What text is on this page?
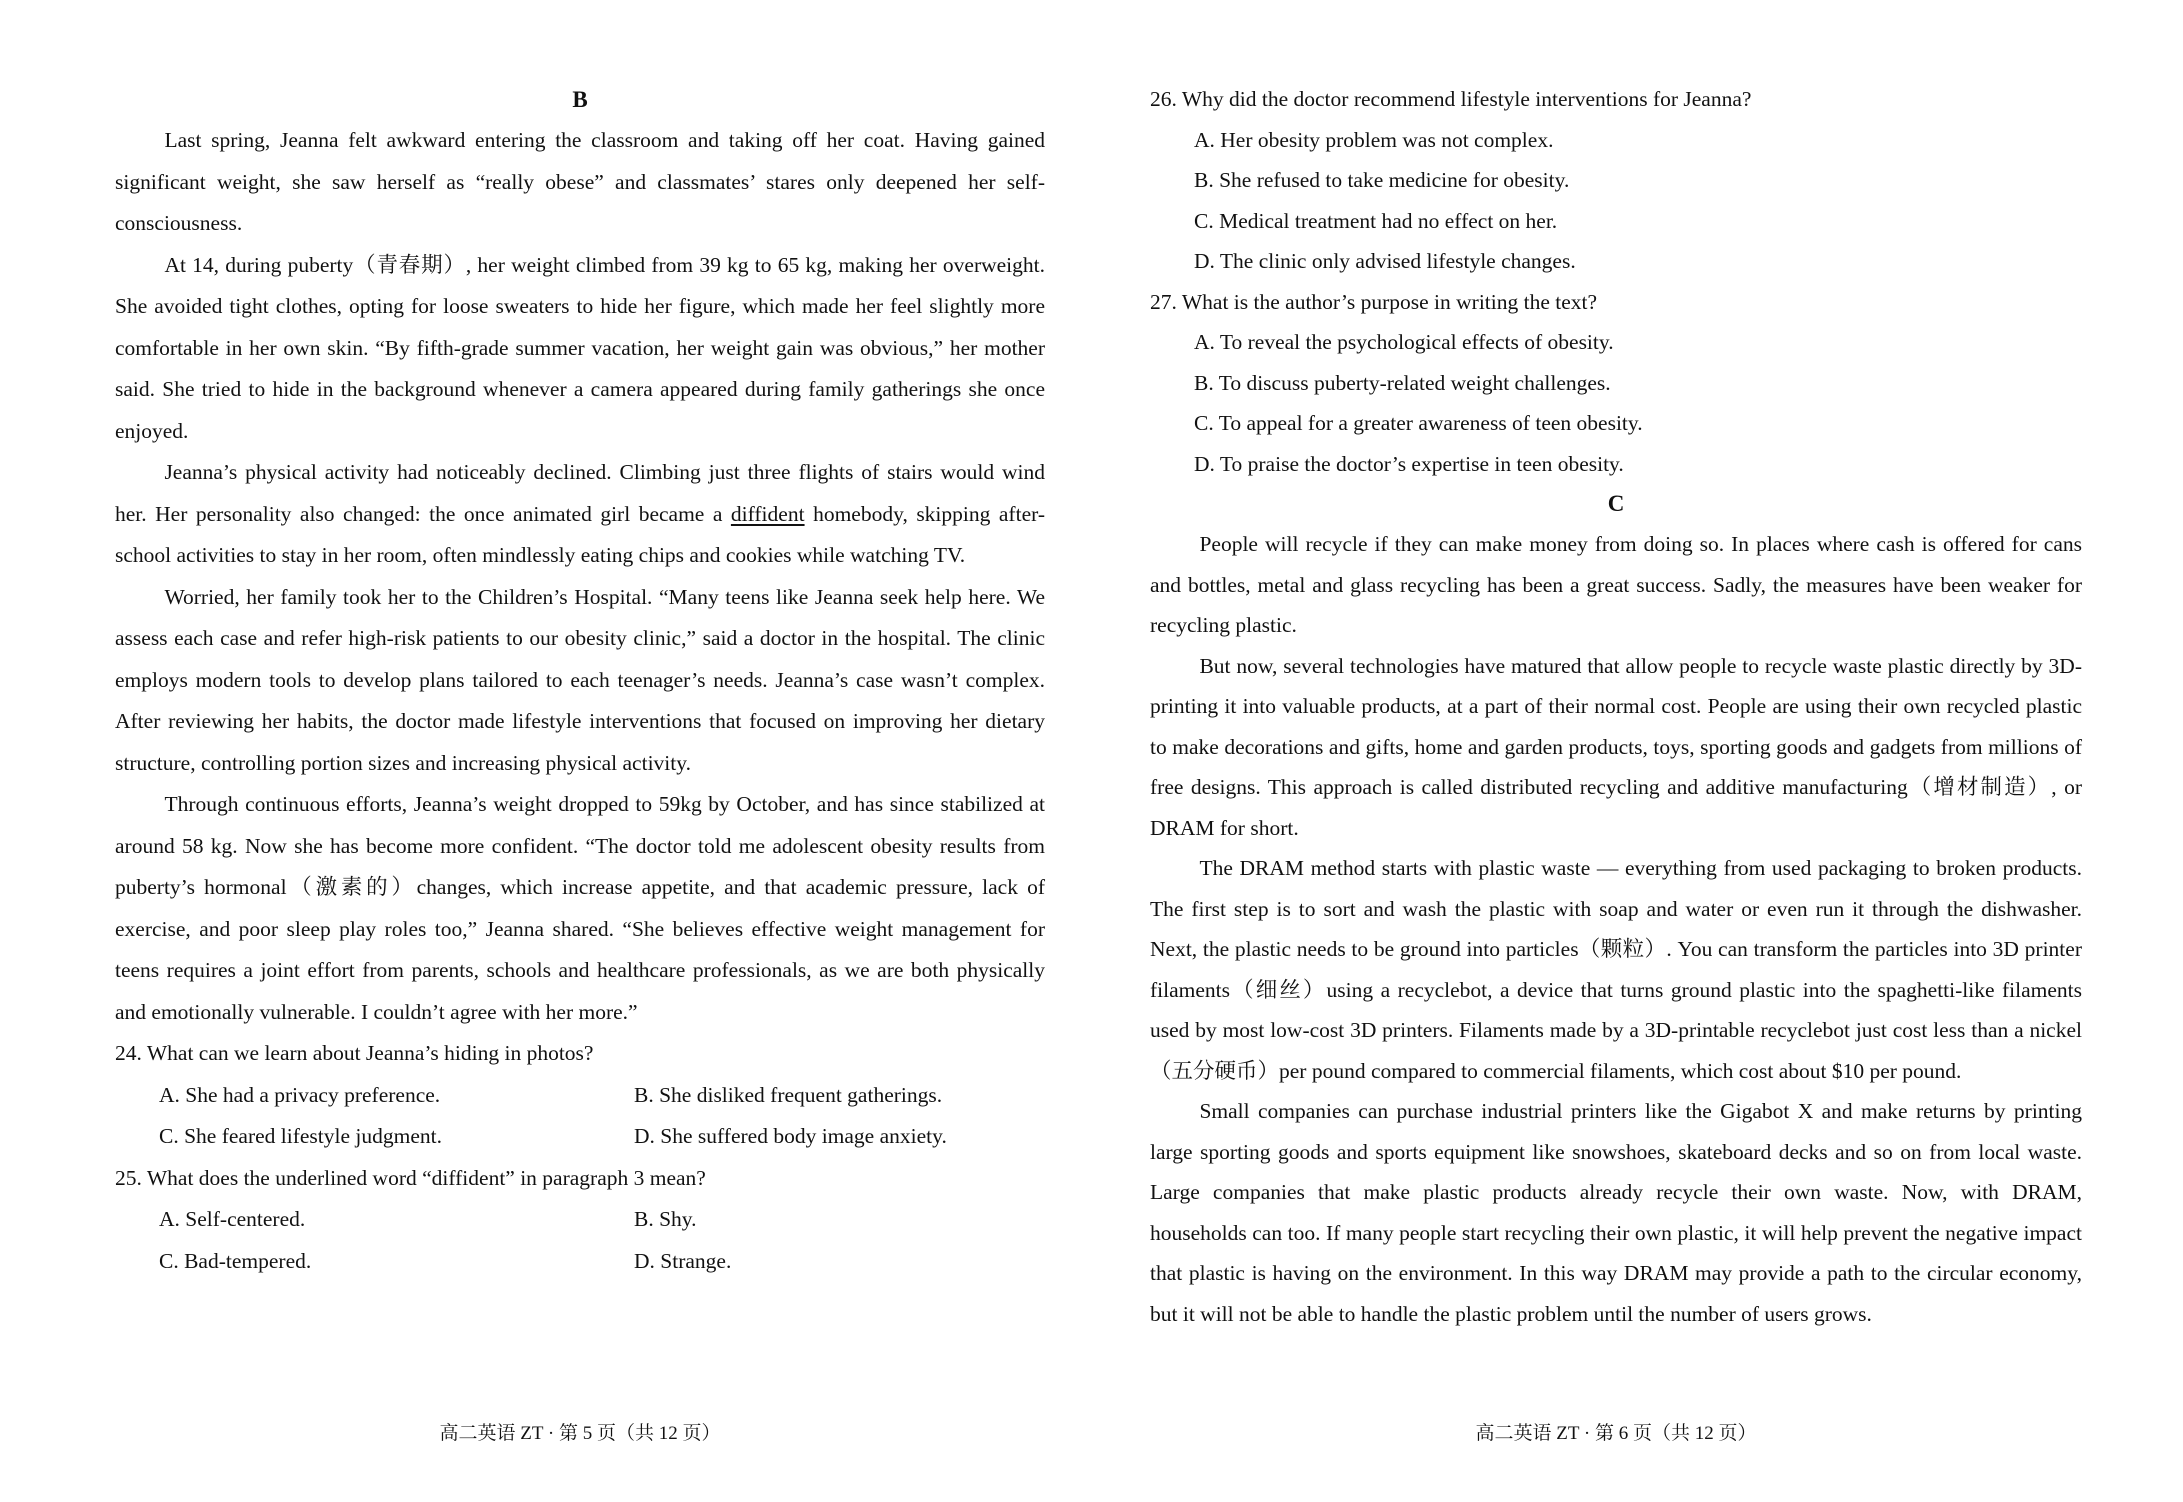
B

Last spring, Jeanna felt awkward entering the classroom and taking off her coat. Having gained significant weight, she saw herself as “really obese” and classmates’ stares only deepened her self-consciousness.

At 14, during puberty（青春期）, her weight climbed from 39 kg to 65 kg, making her overweight. She avoided tight clothes, opting for loose sweaters to hide her figure, which made her feel slightly more comfortable in her own skin. “By fifth-grade summer vacation, her weight gain was obvious,” her mother said. She tried to hide in the background whenever a camera appeared during family gatherings she once enjoyed.

Jeanna’s physical activity had noticeably declined. Climbing just three flights of stairs would wind her. Her personality also changed: the once animated girl became a diffident homebody, skipping after-school activities to stay in her room, often mindlessly eating chips and cookies while watching TV.

Worried, her family took her to the Children’s Hospital. “Many teens like Jeanna seek help here. We assess each case and refer high-risk patients to our obesity clinic,” said a doctor in the hospital. The clinic employs modern tools to develop plans tailored to each teenager’s needs. Jeanna’s case wasn’t complex. After reviewing her habits, the doctor made lifestyle interventions that focused on improving her dietary structure, controlling portion sizes and increasing physical activity.

Through continuous efforts, Jeanna’s weight dropped to 59kg by October, and has since stabilized at around 58 kg. Now she has become more confident. “The doctor told me adolescent obesity results from puberty’s hormonal（激素的）changes, which increase appetite, and that academic pressure, lack of exercise, and poor sleep play roles too,” Jeanna shared. “She believes effective weight management for teens requires a joint effort from parents, schools and healthcare professionals, as we are both physically and emotionally vulnerable. I couldn’t agree with her more.”

24. What can we learn about Jeanna’s hiding in photos?

A. She had a privacy preference.	B. She disliked frequent gatherings.

C. She feared lifestyle judgment.	D. She suffered body image anxiety.

25. What does the underlined word “diffident” in paragraph 3 mean?

A. Self-centered.	B. Shy.

C. Bad-tempered.	D. Strange.

高二英语 ZT · 第 5 页（共 12 页）

26. Why did the doctor recommend lifestyle interventions for Jeanna?

A. Her obesity problem was not complex.

B. She refused to take medicine for obesity.

C. Medical treatment had no effect on her.

D. The clinic only advised lifestyle changes.

27. What is the author’s purpose in writing the text?

A. To reveal the psychological effects of obesity.

B. To discuss puberty-related weight challenges.

C. To appeal for a greater awareness of teen obesity.

D. To praise the doctor’s expertise in teen obesity.

C

People will recycle if they can make money from doing so. In places where cash is offered for cans and bottles, metal and glass recycling has been a great success. Sadly, the measures have been weaker for recycling plastic.

But now, several technologies have matured that allow people to recycle waste plastic directly by 3D-printing it into valuable products, at a part of their normal cost. People are using their own recycled plastic to make decorations and gifts, home and garden products, toys, sporting goods and gadgets from millions of free designs. This approach is called distributed recycling and additive manufacturing（增材制造）, or DRAM for short.

The DRAM method starts with plastic waste — everything from used packaging to broken products. The first step is to sort and wash the plastic with soap and water or even run it through the dishwasher. Next, the plastic needs to be ground into particles（颗粒）. You can transform the particles into 3D printer filaments（细丝）using a recyclebot, a device that turns ground plastic into the spaghetti-like filaments used by most low-cost 3D printers. Filaments made by a 3D-printable recyclebot just cost less than a nickel（五分硬币）per pound compared to commercial filaments, which cost about $10 per pound.

Small companies can purchase industrial printers like the Gigabot X and make returns by printing large sporting goods and sports equipment like snowshoes, skateboard decks and so on from local waste. Large companies that make plastic products already recycle their own waste. Now, with DRAM, households can too. If many people start recycling their own plastic, it will help prevent the negative impact that plastic is having on the environment. In this way DRAM may provide a path to the circular economy, but it will not be able to handle the plastic problem until the number of users grows.

高二英语 ZT · 第 6 页（共 12 页）
